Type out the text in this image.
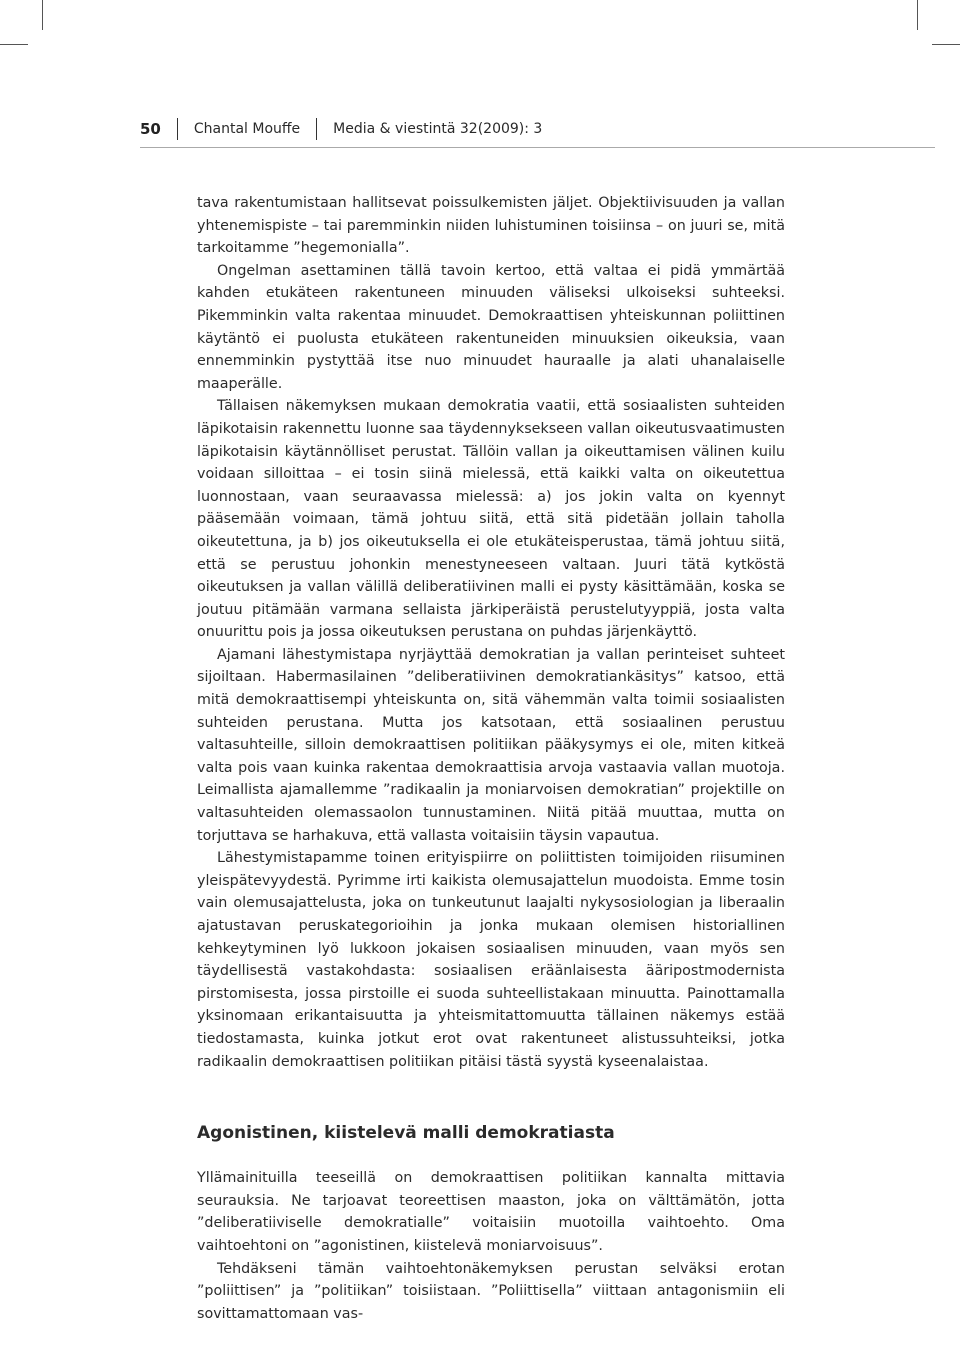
50 Chantal Mouffe Media & viestintä 32(2009): 3

tava rakentumistaan hallitsevat poissulkemisten jäljet. Objektiivisuuden ja vallan yhtenemispiste – tai paremminkin niiden luhistuminen toisiinsa – on juuri se, mitä tarkoitamme ”hegemonialla”.

Ongelman asettaminen tällä tavoin kertoo, että valtaa ei pidä ymmärtää kahden etukäteen rakentuneen minuuden väliseksi ulkoiseksi suhteeksi. Pikemminkin valta rakentaa minuudet. Demokraattisen yhteiskunnan poliittinen käytäntö ei puolusta etukäteen rakentuneiden minuuksien oikeuksia, vaan ennemminkin pystyttää itse nuo minuudet hauraalle ja alati uhanalaiselle maaperälle.

Tällaisen näkemyksen mukaan demokratia vaatii, että sosiaalisten suhteiden läpikotaisin rakennettu luonne saa täydennyksekseen vallan oikeutusvaatimusten läpikotaisin käytännölliset perustat. Tällöin vallan ja oikeuttamisen välinen kuilu voidaan silloittaa – ei tosin siinä mielessä, että kaikki valta on oikeutettua luonnostaan, vaan seuraavassa mielessä: a) jos jokin valta on kyennyt pääsemään voimaan, tämä johtuu siitä, että sitä pidetään jollain taholla oikeutettuna, ja b) jos oikeutuksella ei ole etukäteisperustaa, tämä johtuu siitä, että se perustuu johonkin menestyneeseen valtaan. Juuri tätä kytköstä oikeutuksen ja vallan välillä deliberatiivinen malli ei pysty käsittämään, koska se joutuu pitämään varmana sellaista järkiperäistä perustelutyyppiä, josta valta onuurittu pois ja jossa oikeutuksen perustana on puhdas järjenkäyttö.

Ajamani lähestymistapa nyrjäyttää demokratian ja vallan perinteiset suhteet sijoiltaan. Habermasilainen ”deliberatiivinen demokratiankäsitys” katsoo, että mitä demokraattisempi yhteiskunta on, sitä vähemmän valta toimii sosiaalisten suhteiden perustana. Mutta jos katsotaan, että sosiaalinen perustuu valtasuhteille, silloin demokraattisen politiikan pääkysymys ei ole, miten kitkeä valta pois vaan kuinka rakentaa demokraattisia arvoja vastaavia vallan muotoja. Leimallista ajamallemme ”radikaalin ja moniarvoisen demokratian” projektille on valtasuhteiden olemassaolon tunnustaminen. Niitä pitää muuttaa, mutta on torjuttava se harhakuva, että vallasta voitaisiin täysin vapautua.

Lähestymistapamme toinen erityispiirre on poliittisten toimijoiden riisuminen yleispätevyydestä. Pyrimme irti kaikista olemusajattelun muodoista. Emme tosin vain olemusajattelusta, joka on tunkeutunut laajalti nykysosiologian ja liberaalin ajatustavan peruskategorioihin ja jonka mukaan olemisen historiallinen kehkeytyminen lyö lukkoon jokaisen sosiaalisen minuuden, vaan myös sen täydellisestä vastakohdasta: sosiaalisen eräänlaisesta ääripostmodernista pirstomisesta, jossa pirstoille ei suoda suhteellistakaan minuutta. Painottamalla yksinomaan erikantaisuutta ja yhteismitattomuutta tällainen näkemys estää tiedostamasta, kuinka jotkut erot ovat rakentuneet alistussuhteiksi, jotka radikaalin demokraattisen politiikan pitäisi tästä syystä kyseenalaistaa.

Agonistinen, kiistelevä malli demokratiasta

Yllämainituilla teeseillä on demokraattisen politiikan kannalta mittavia seurauksia. Ne tarjoavat teoreettisen maaston, joka on välttämätön, jotta ”deliberatiiviselle demokratialle” voitaisiin muotoilla vaihtoehto. Oma vaihtoehtoni on ”agonistinen, kiistelevä moniarvoisuus”.

Tehdäkseni tämän vaihtoehtonäkemyksen perustan selväksi erotan ”poliittisen” ja ”politiikan” toisiistaan. ”Poliittisella” viittaan antagonismiin eli sovittamattomaan vas-
